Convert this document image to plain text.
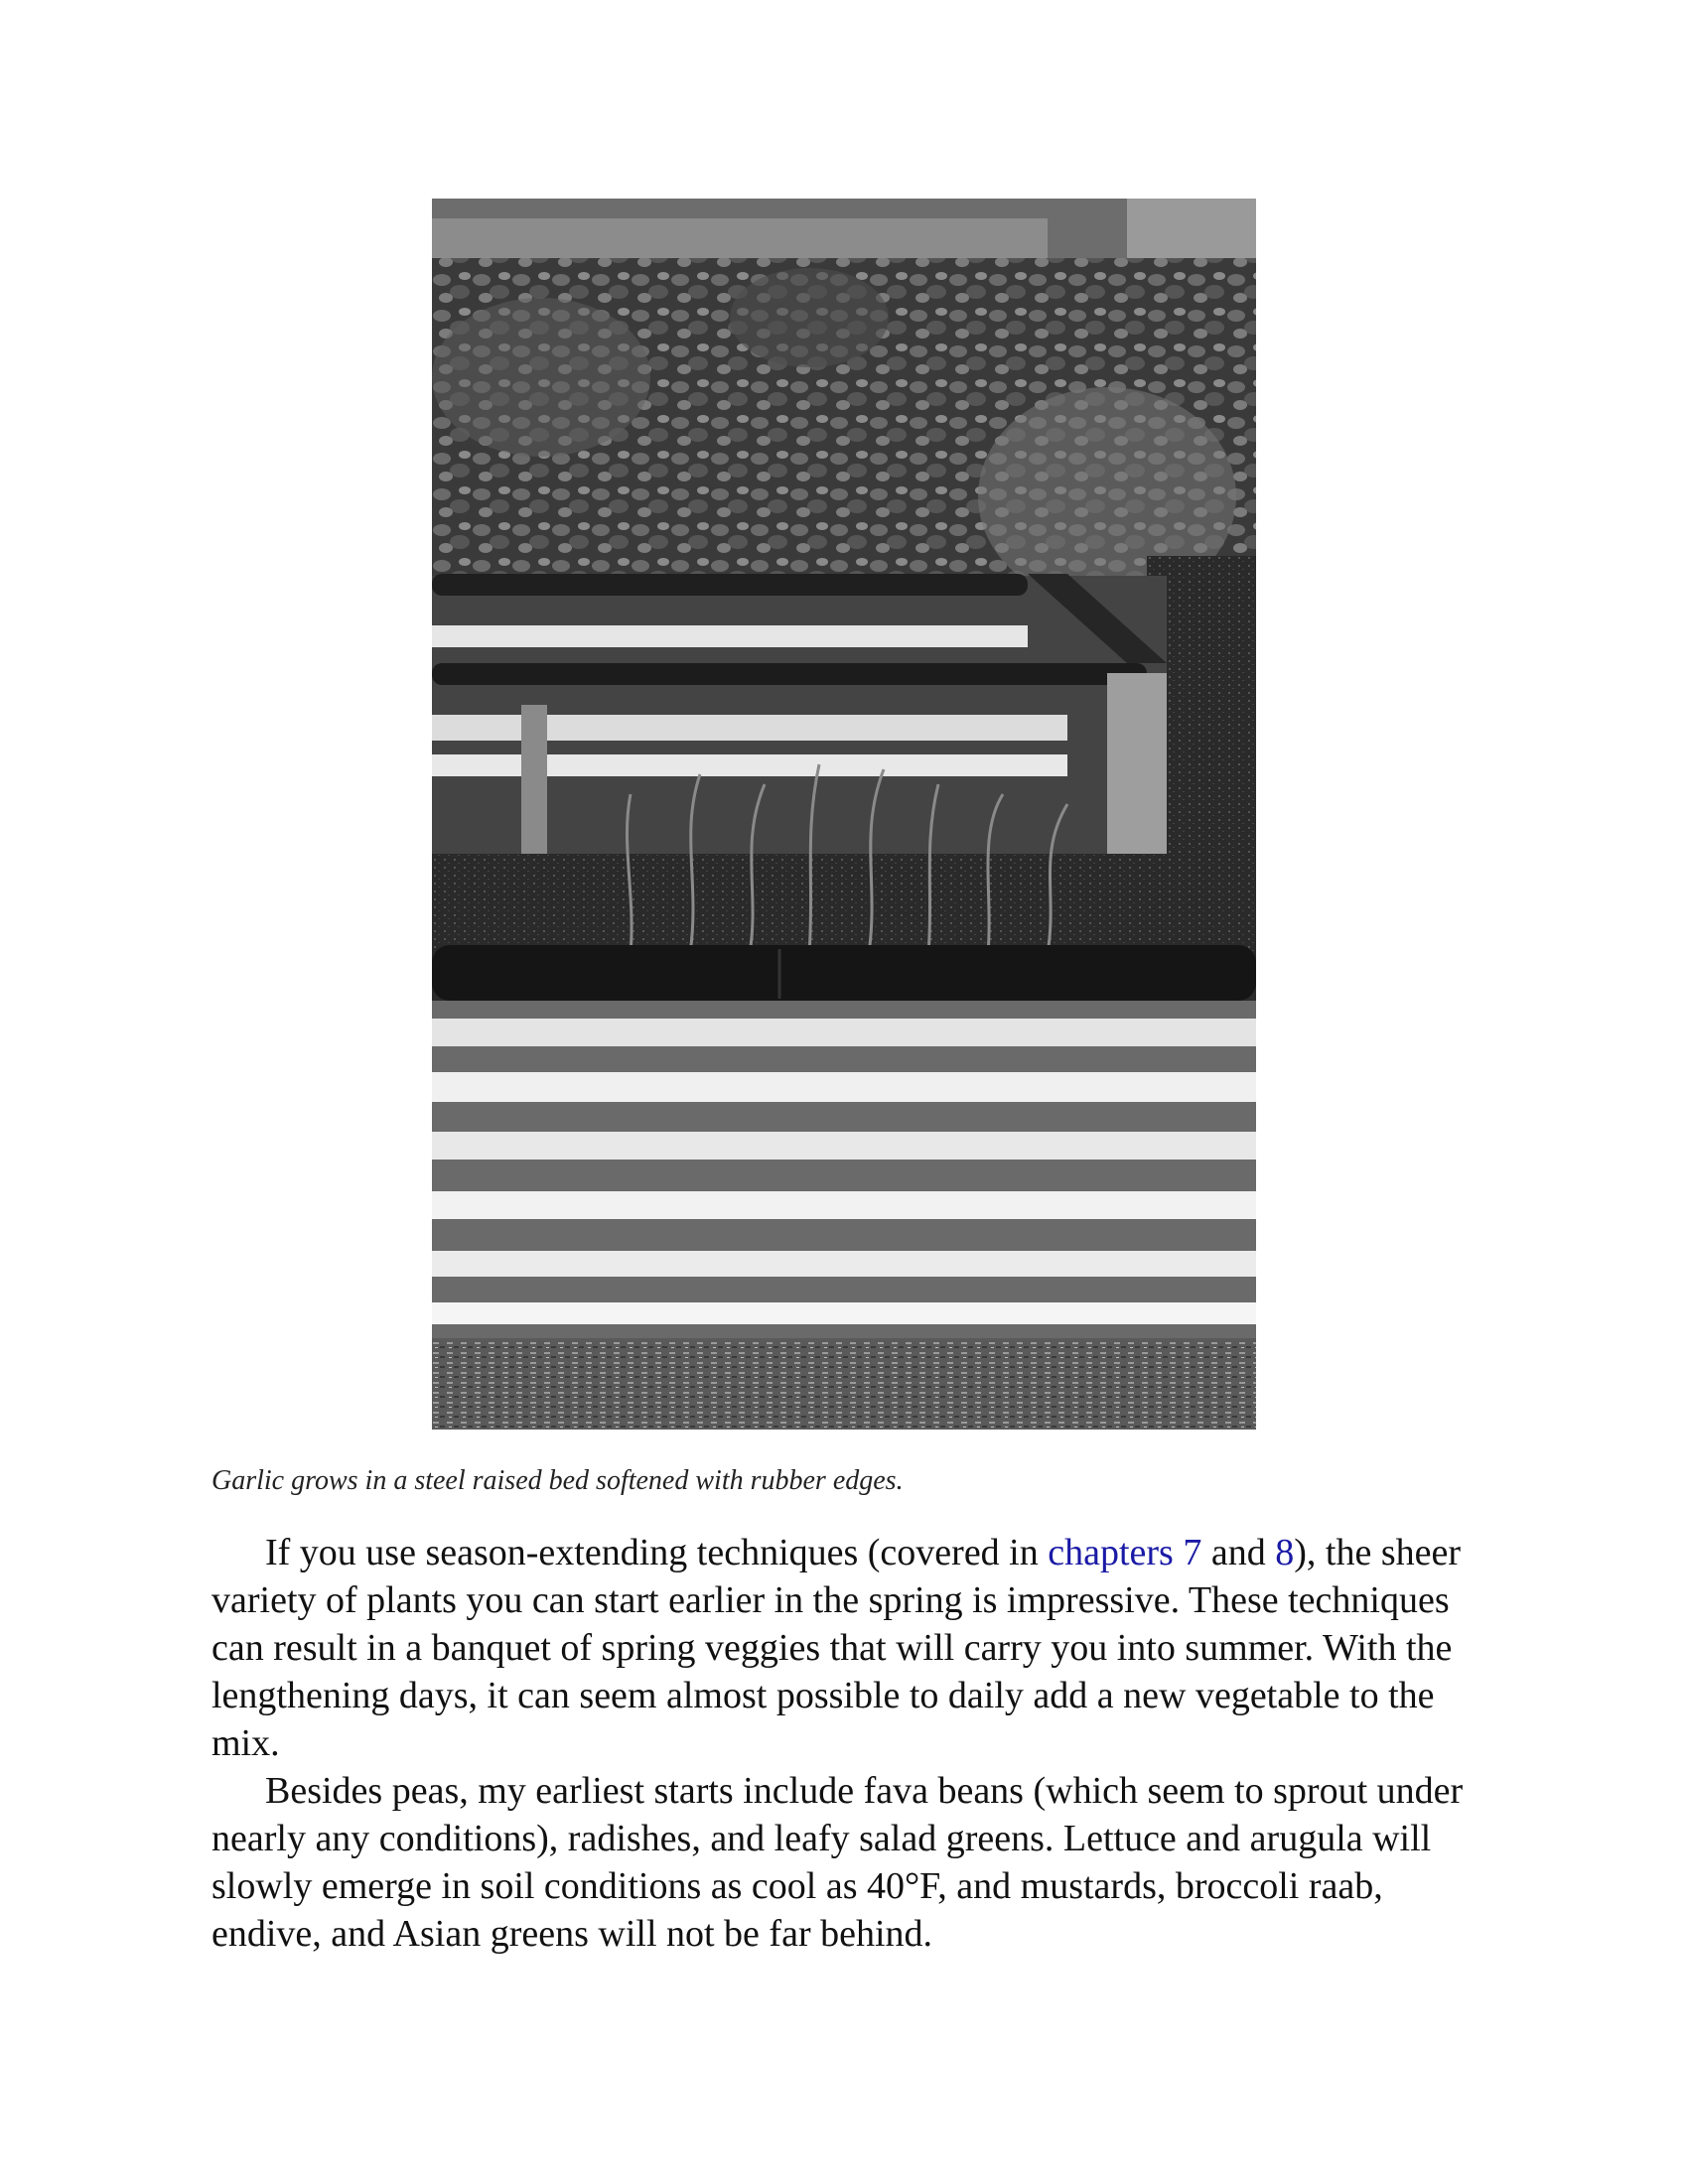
Garlic grows in a steel raised bed softened with rubber edges.

If you use season-extending techniques (covered in chapters 7 and 8), the sheer variety of plants you can start earlier in the spring is impressive. These techniques can result in a banquet of spring veggies that will carry you into summer. With the lengthening days, it can seem almost possible to daily add a new vegetable to the mix.

Besides peas, my earliest starts include fava beans (which seem to sprout under nearly any conditions), radishes, and leafy salad greens. Lettuce and arugula will slowly emerge in soil conditions as cool as 40°F, and mustards, broccoli raab, endive, and Asian greens will not be far behind.
